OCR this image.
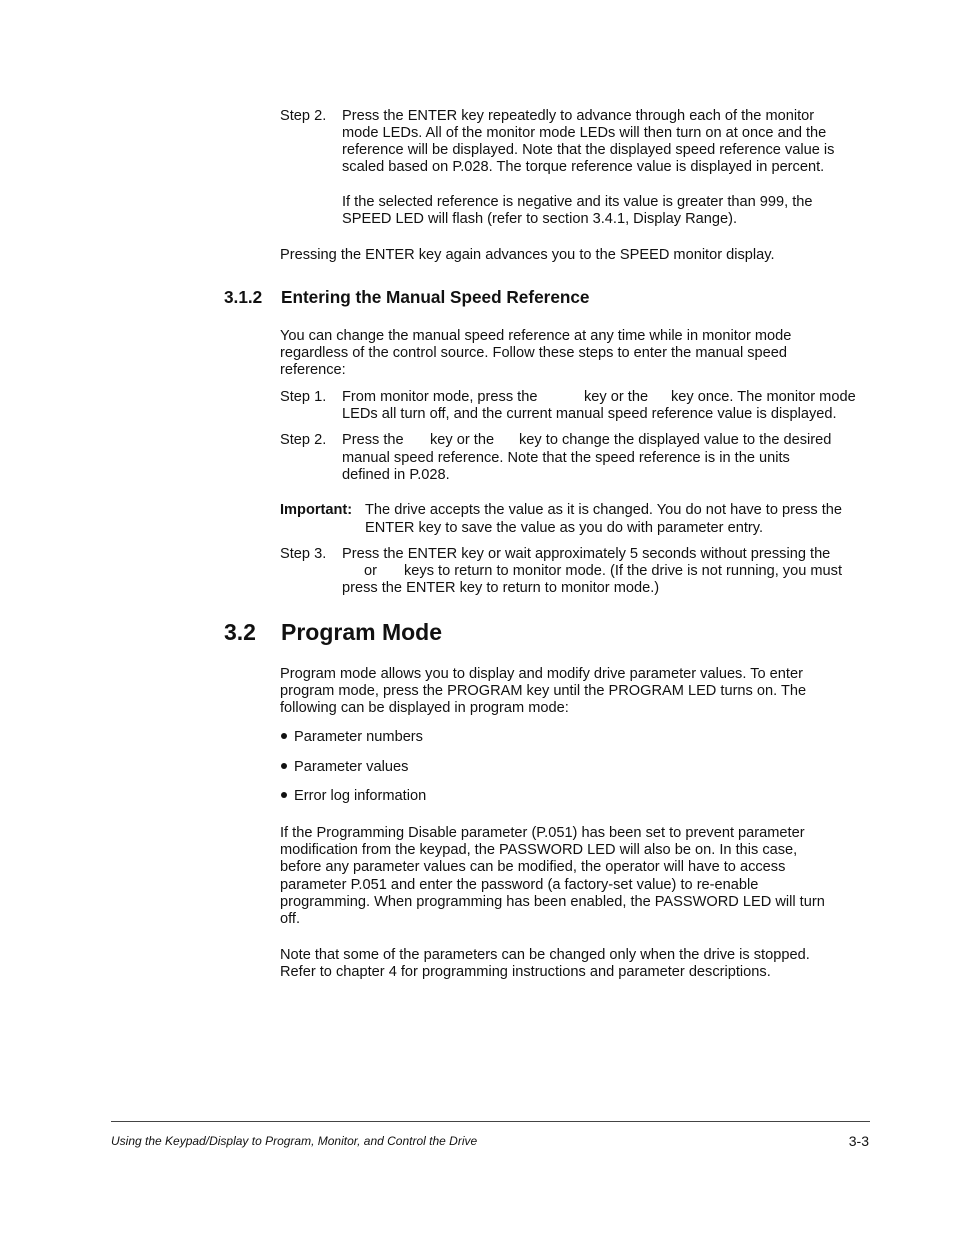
Step 2. Press the ENTER key repeatedly to advance through each of the monitor
mode LEDs. All of the monitor mode LEDs will then turn on at once and the
reference will be displayed. Note that the displayed speed reference value is
scaled based on P.028. The torque reference value is displayed in percent.
If the selected reference is negative and its value is greater than 999, the
SPEED LED will flash (refer to section 3.4.1, Display Range).
Pressing the ENTER key again advances you to the SPEED monitor display.
3.1.2 Entering the Manual Speed Reference
You can change the manual speed reference at any time while in monitor mode
regardless of the control source. Follow these steps to enter the manual speed
reference:
Step 1. From monitor mode, press the	key or the key once. The monitor mode
LEDs all turn off, and the current manual speed reference value is displayed.
Step 2. Press the key or the key to change the displayed value to the desired
manual speed reference. Note that the speed reference is in the units
defined in P.028.
Important: The drive accepts the value as it is changed. You do not have to press the
ENTER key to save the value as you do with parameter entry.
Step 3. Press the ENTER key or wait approximately 5 seconds without pressing the
or keys to return to monitor mode. (If the drive is not running, you must
press the ENTER key to return to monitor mode.)
3.2 Program Mode
Program mode allows you to display and modify drive parameter values. To enter
program mode, press the PROGRAM key until the PROGRAM LED turns on. The
following can be displayed in program mode:
Parameter numbers
Parameter values
Error log information
If the Programming Disable parameter (P.051) has been set to prevent parameter
modification from the keypad, the PASSWORD LED will also be on. In this case,
before any parameter values can be modified, the operator will have to access
parameter P.051 and enter the password (a factory-set value) to re-enable
programming. When programming has been enabled, the PASSWORD LED will turn
off.
Note that some of the parameters can be changed only when the drive is stopped.
Refer to chapter 4 for programming instructions and parameter descriptions.
Using the Keypad/Display to Program, Monitor, and Control the Drive	3-3
